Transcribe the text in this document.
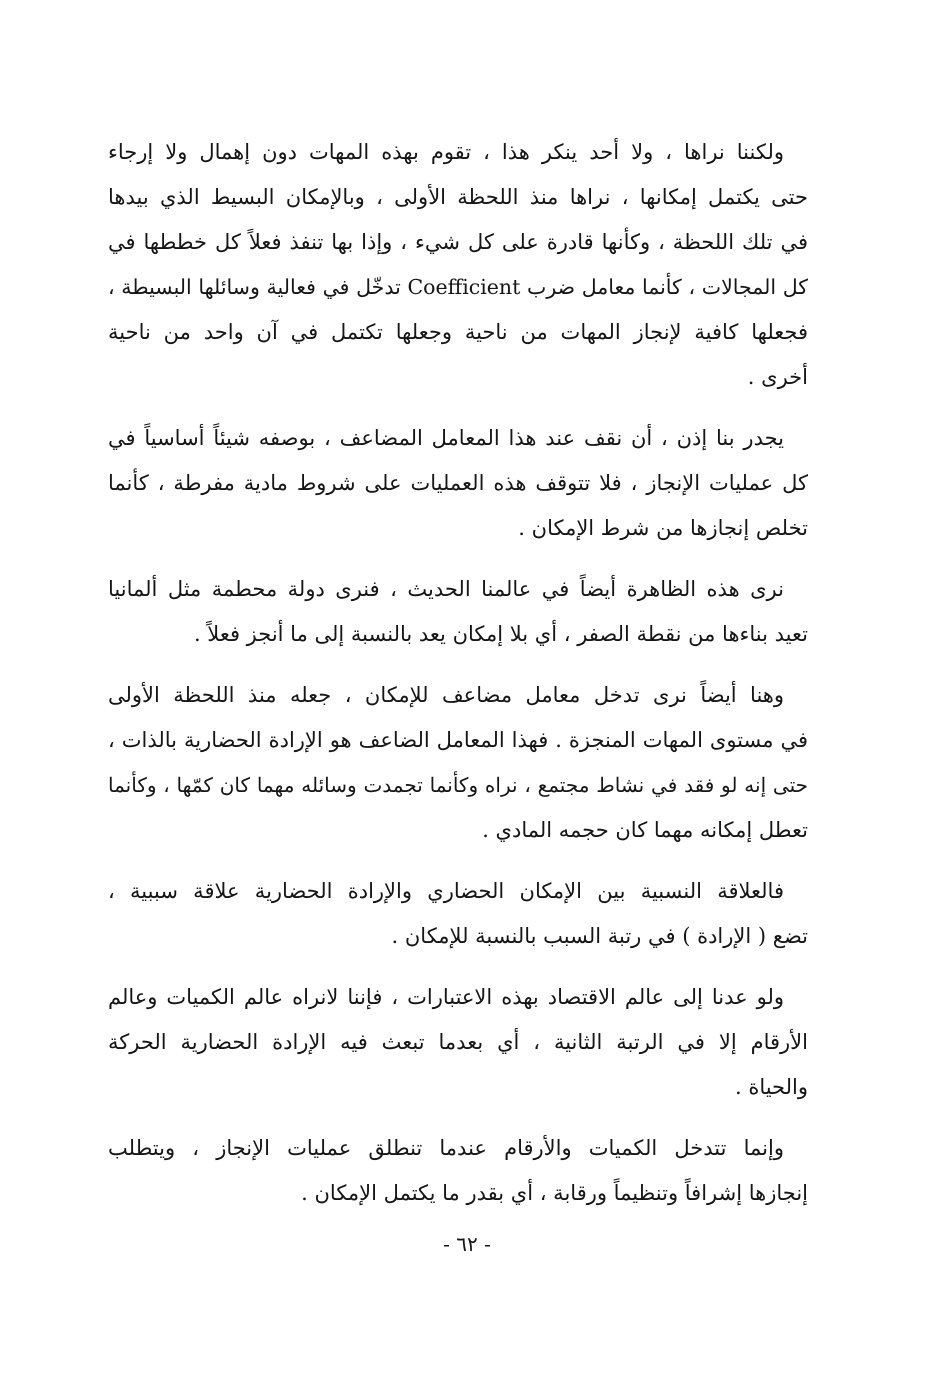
ولكننا نراها ، ولا أحد ينكر هذا ، تقوم بهذه المهات دون إهمال ولا إرجاء
حتى يكتمل إمكانها ، نراها منذ اللحظة الأولى ، وبالإمكان البسيط الذي بيدها
في تلك اللحظة ، وكأنها قادرة على كل شيء ، وإذا بها تنفذ فعلاً كل خططها في
كل المجالات ، كأنما معامل ضرب Coefficient تدخّل في فعالية وسائلها البسيطة ،
فجعلها كافية لإنجاز المهات من ناحية وجعلها تكتمل في آن واحد من ناحية
أخرى .
يجدر بنا إذن ، أن نقف عند هذا المعامل المضاعف ، بوصفه شيئاً أساسياً في
كل عمليات الإنجاز ، فلا تتوقف هذه العمليات على شروط مادية مفرطة ، كأنما
تخلص إنجازها من شرط الإمكان .
نرى هذه الظاهرة أيضاً في عالمنا الحديث ، فنرى دولة محطمة مثل ألمانيا
تعيد بناءها من نقطة الصفر ، أي بلا إمكان يعد بالنسبة إلى ما أنجز فعلاً .
وهنا أيضاً نرى تدخل معامل مضاعف للإمكان ، جعله منذ اللحظة الأولى
في مستوى المهات المنجزة . فهذا المعامل الضاعف هو الإرادة الحضارية بالذات ،
حتى إنه لو فقد في نشاط مجتمع ، نراه وكأنما تجمدت وسائله مهما كان كمّها ، وكأنما
تعطل إمكانه مهما كان حجمه المادي .
فالعلاقة النسبية بين الإمكان الحضاري والإرادة الحضارية علاقة سببية ،
تضع ( الإرادة ) في رتبة السبب بالنسبة للإمكان .
ولو عدنا إلى عالم الاقتصاد بهذه الاعتبارات ، فإننا لانراه عالم الكميات وعالم
الأرقام إلا في الرتبة الثانية ، أي بعدما تبعث فيه الإرادة الحضارية الحركة
والحياة .
وإنما تتدخل الكميات والأرقام عندما تنطلق عمليات الإنجاز ، ويتطلب
إنجازها إشرافاً وتنظيماً ورقابة ، أي بقدر ما يكتمل الإمكان .
- ٦٢ -
